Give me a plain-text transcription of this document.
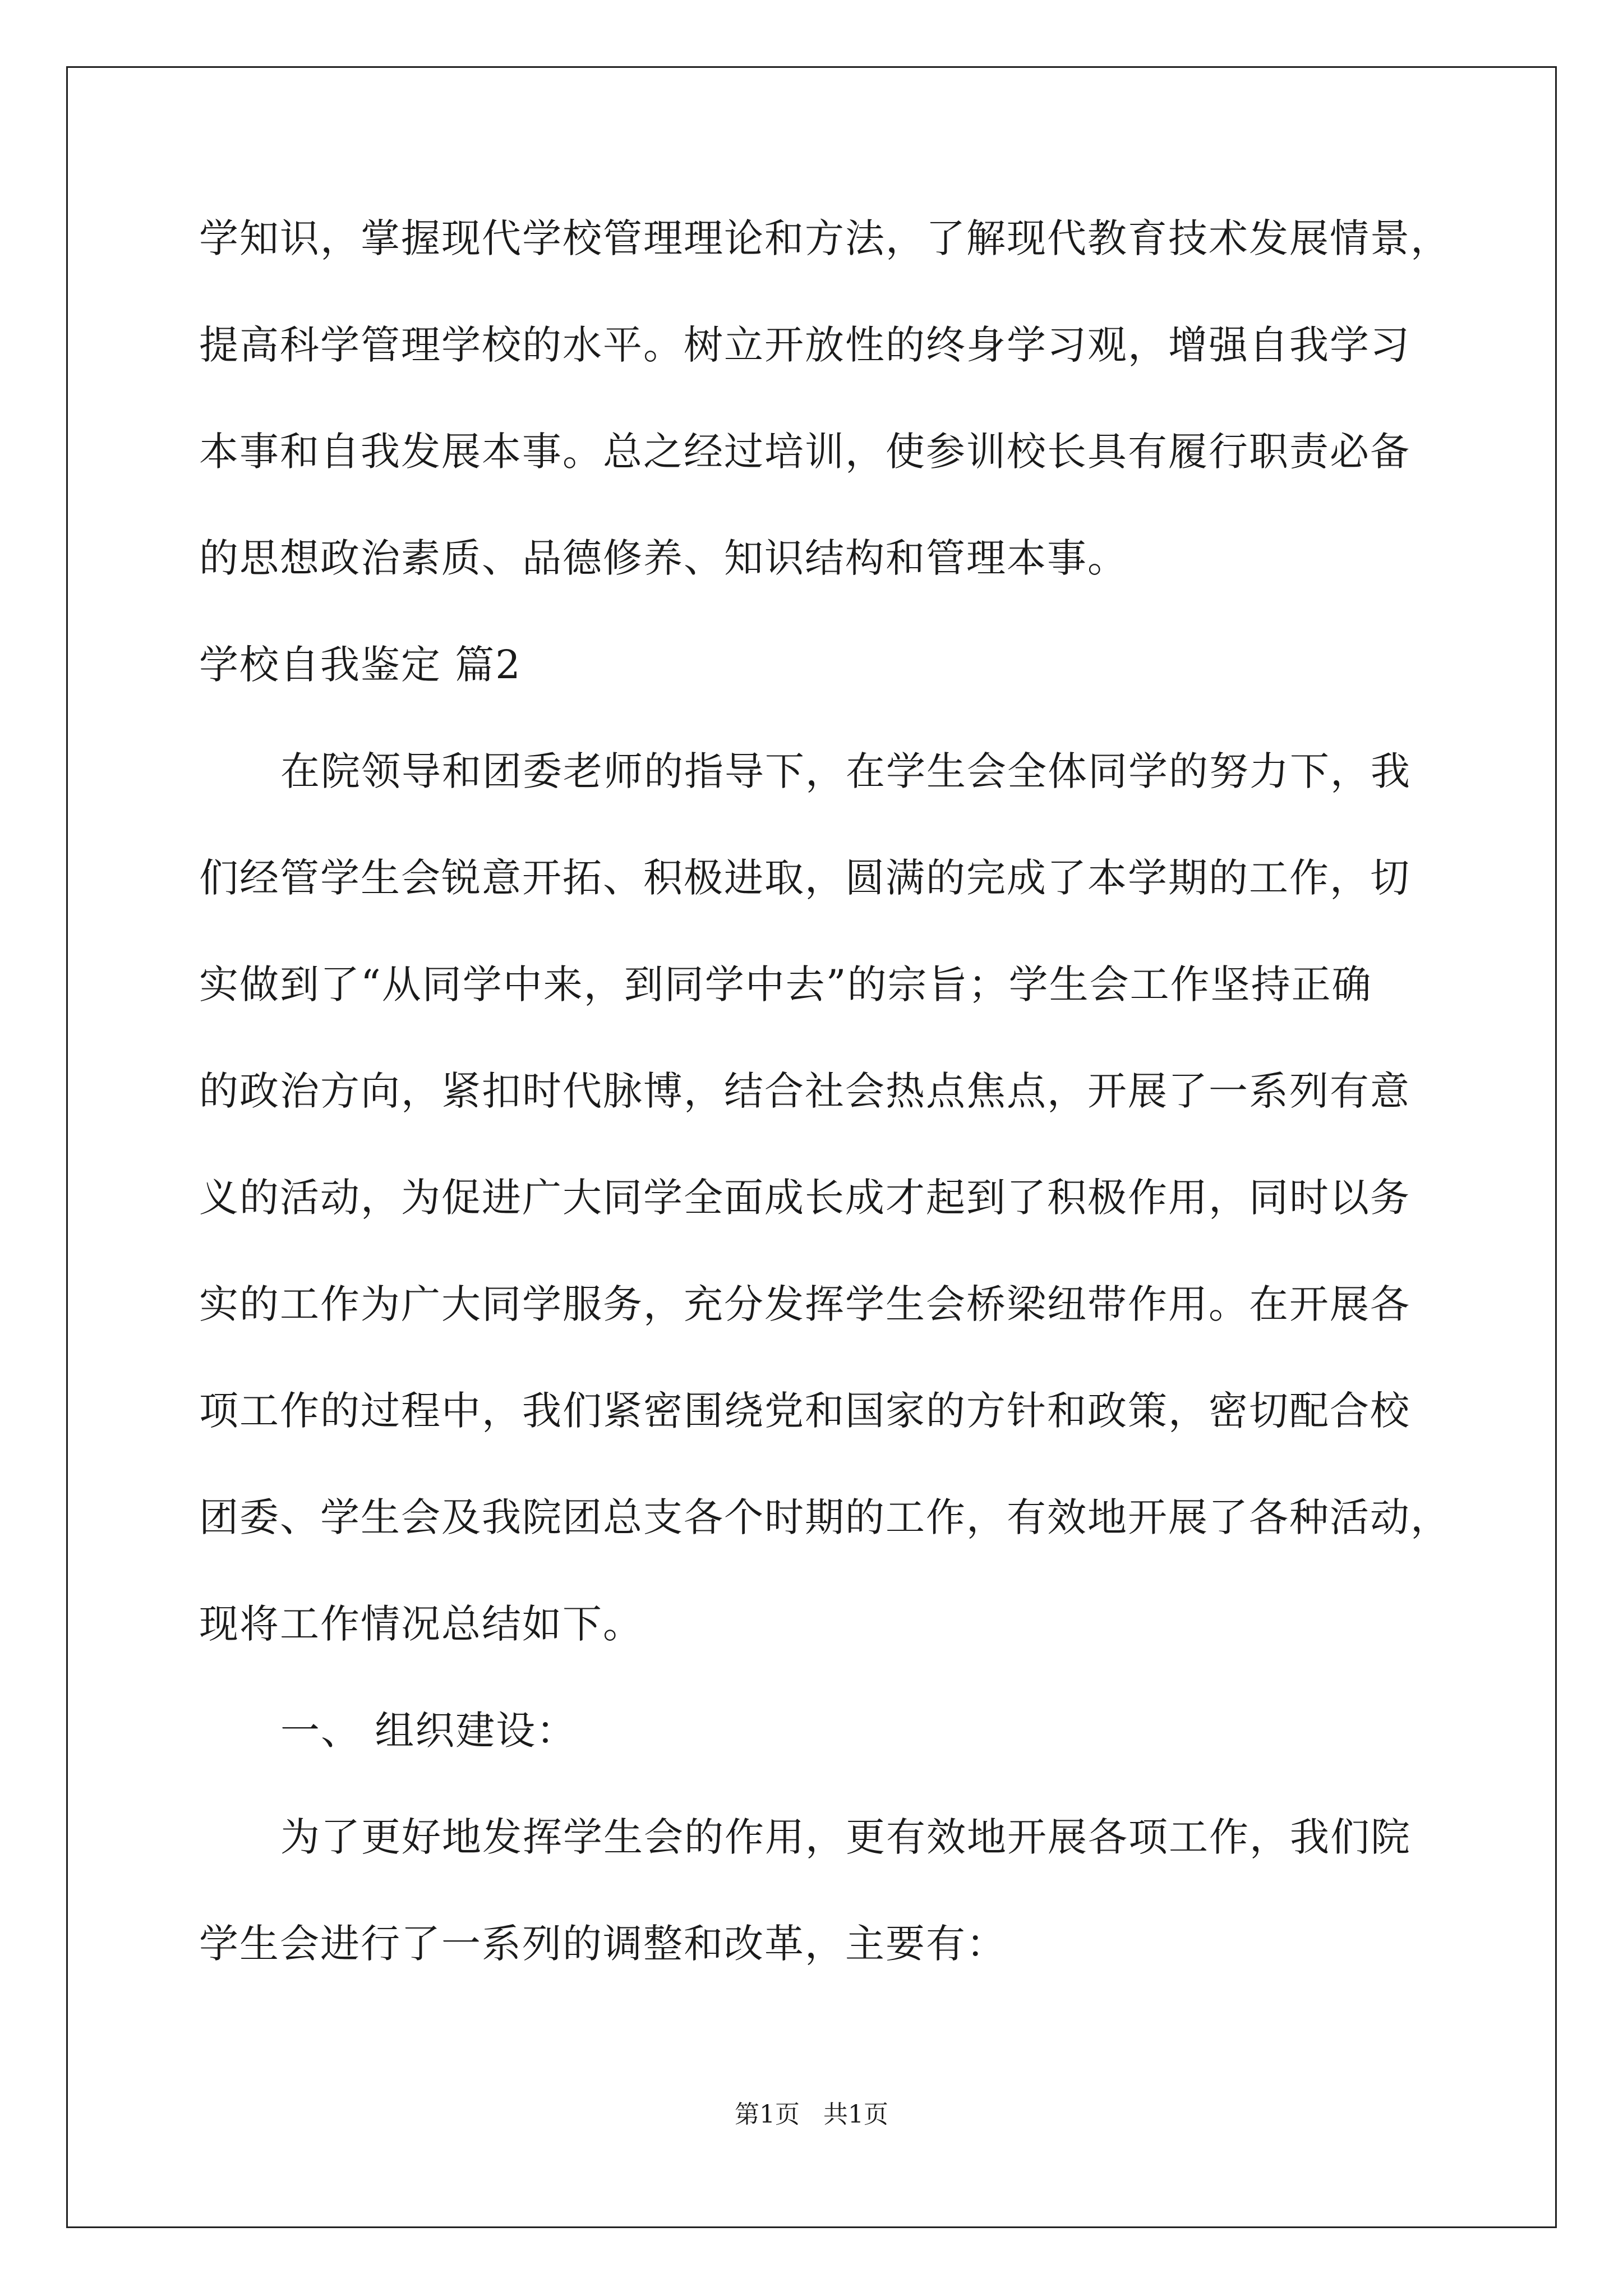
学知识，掌握现代学校管理理论和方法，了解现代教育技术发展情景，
提高科学管理学校的水平。树立开放性的终身学习观，增强自我学习
本事和自我发展本事。总之经过培训，使参训校长具有履行职责必备
的思想政治素质、品德修养、知识结构和管理本事。
学校自我鉴定 篇2
在院领导和团委老师的指导下，在学生会全体同学的努力下，我
们经管学生会锐意开拓、积极进取，圆满的完成了本学期的工作，切
实做到了“从同学中来，到同学中去”的宗旨；学生会工作坚持正确
的政治方向，紧扣时代脉博，结合社会热点焦点，开展了一系列有意
义的活动，为促进广大同学全面成长成才起到了积极作用，同时以务
实的工作为广大同学服务，充分发挥学生会桥梁纽带作用。在开展各
项工作的过程中，我们紧密围绕党和国家的方针和政策，密切配合校
团委、学生会及我院团总支各个时期的工作，有效地开展了各种活动，
现将工作情况总结如下。
一、 组织建设：
为了更好地发挥学生会的作用，更有效地开展各项工作，我们院
学生会进行了一系列的调整和改革，主要有：
第1页   共1页
